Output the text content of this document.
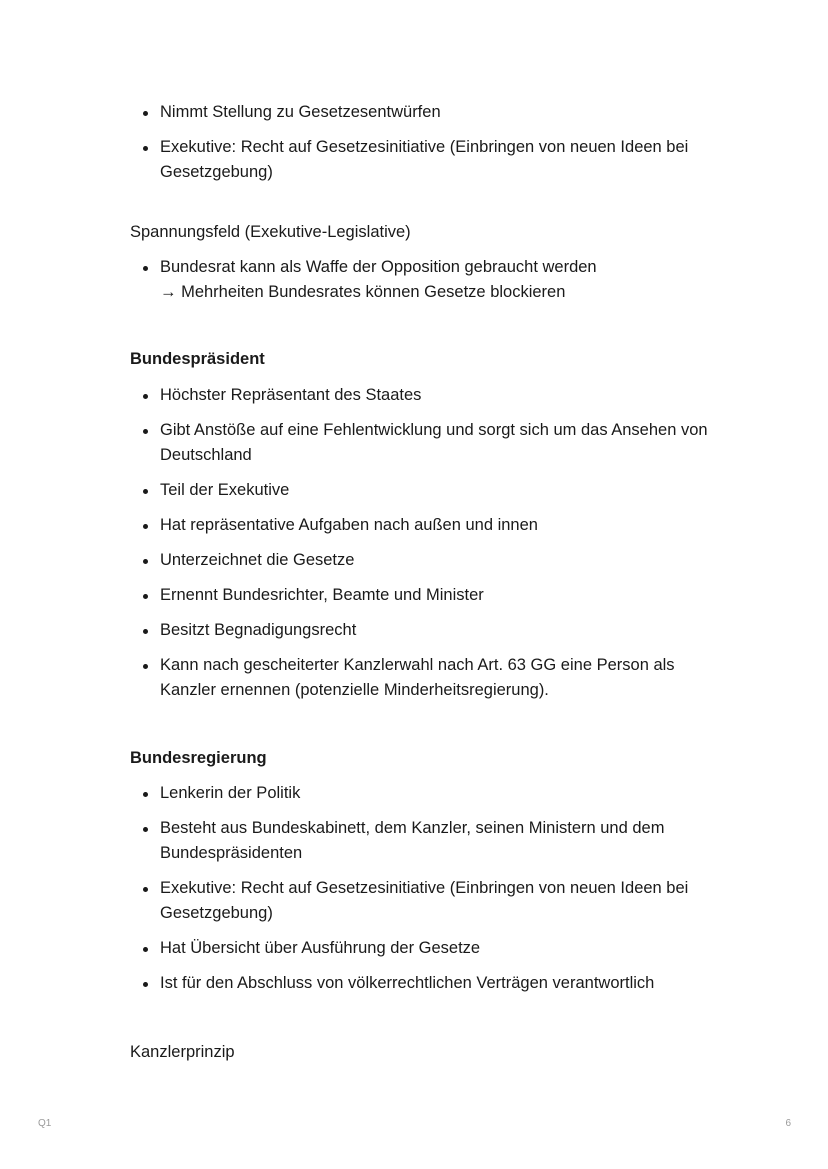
Nimmt Stellung zu Gesetzesentwürfen
Exekutive: Recht auf Gesetzesinitiative (Einbringen von neuen Ideen bei Gesetzgebung)

Spannungsfeld (Exekutive-Legislative)

Bundesrat kann als Waffe der Opposition gebraucht werden
→ Mehrheiten Bundesrates können Gesetze blockieren

Bundespräsident

Höchster Repräsentant des Staates
Gibt Anstöße auf eine Fehlentwicklung und sorgt sich um das Ansehen von Deutschland
Teil der Exekutive
Hat repräsentative Aufgaben nach außen und innen
Unterzeichnet die Gesetze
Ernennt Bundesrichter, Beamte und Minister
Besitzt Begnadigungsrecht
Kann nach gescheiterter Kanzlerwahl nach Art. 63 GG eine Person als Kanzler ernennen (potenzielle Minderheitsregierung).

Bundesregierung

Lenkerin der Politik
Besteht aus Bundeskabinett, dem Kanzler, seinen Ministern und dem Bundespräsidenten
Exekutive: Recht auf Gesetzesinitiative (Einbringen von neuen Ideen bei Gesetzgebung)
Hat Übersicht über Ausführung der Gesetze
Ist für den Abschluss von völkerrechtlichen Verträgen verantwortlich

Kanzlerprinzip

Q1	6
